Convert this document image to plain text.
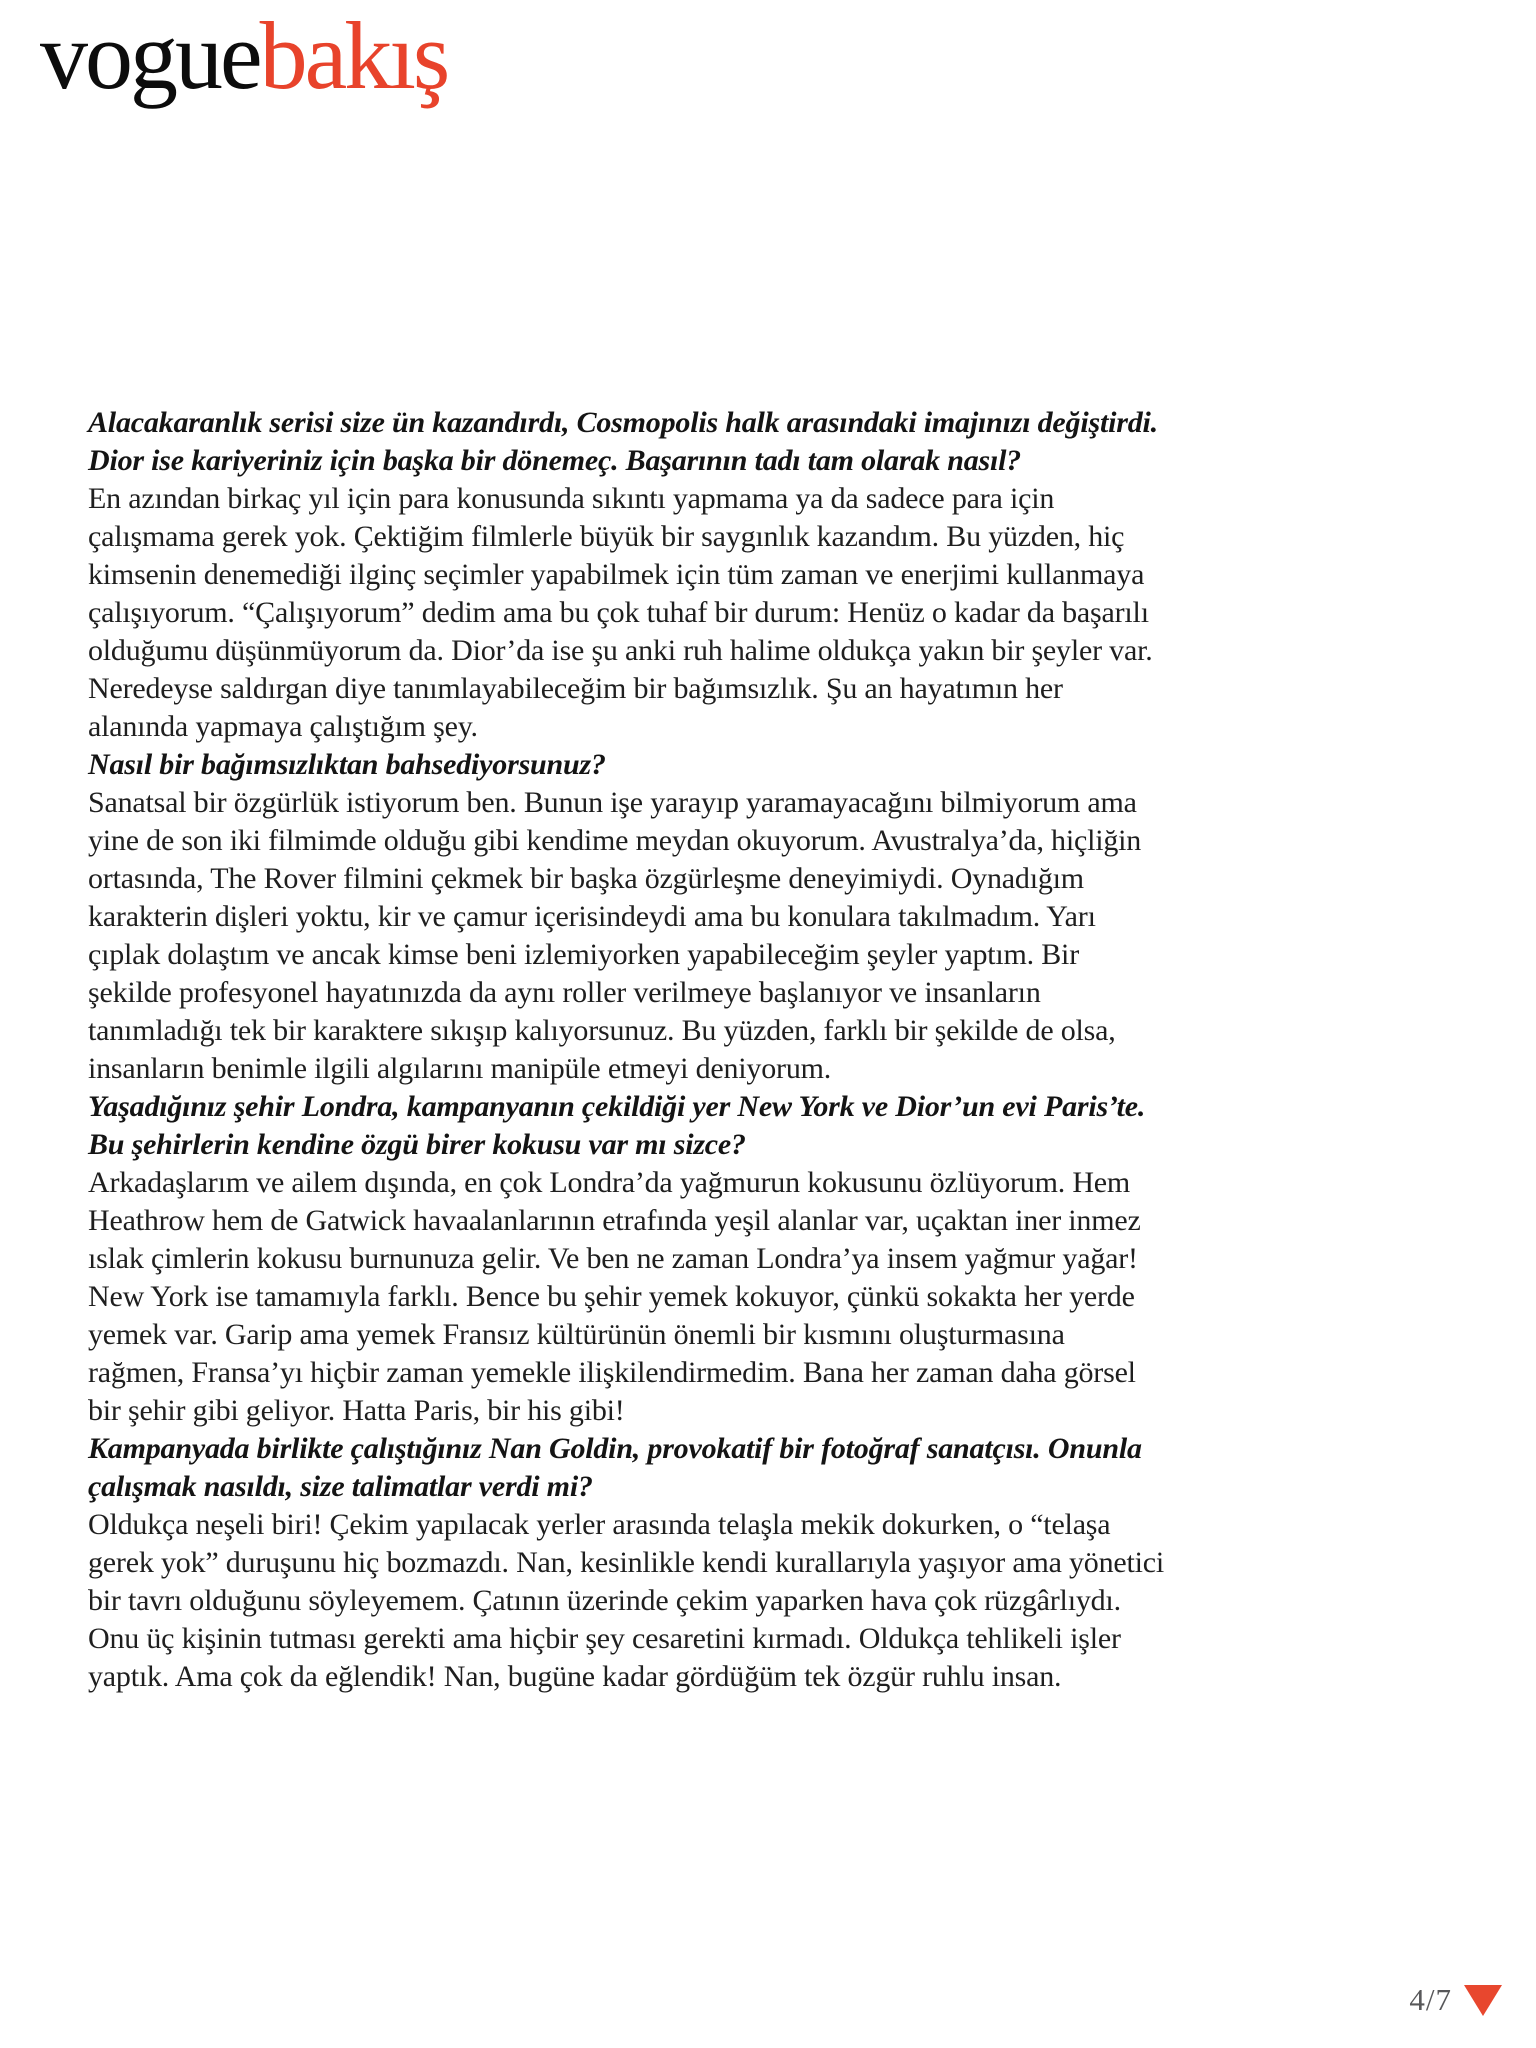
voguebakış

Alacakaranlık serisi size ün kazandırdı, Cosmopolis halk arasındaki imajınızı değiştirdi. Dior ise kariyeriniz için başka bir dönemeç. Başarının tadı tam olarak nasıl?

En azından birkaç yıl için para konusunda sıkıntı yapmama ya da sadece para için çalışmama gerek yok. Çektiğim filmlerle büyük bir saygınlık kazandım. Bu yüzden, hiç kimsenin denemediği ilginç seçimler yapabilmek için tüm zaman ve enerjimi kullanmaya çalışıyorum. “Çalışıyorum” dedim ama bu çok tuhaf bir durum: Henüz o kadar da başarılı olduğumu düşünmüyorum da. Dior’da ise şu anki ruh halime oldukça yakın bir şeyler var. Neredeyse saldırgan diye tanımlayabileceğim bir bağımsızlık. Şu an hayatımın her alanında yapmaya çalıştığım şey.

Nasıl bir bağımsızlıktan bahsediyorsunuz?

Sanatsal bir özgürlük istiyorum ben. Bunun işe yarayıp yaramayacağını bilmiyorum ama yine de son iki filmimde olduğu gibi kendime meydan okuyorum. Avustralya’da, hiçliğin ortasında, The Rover filmini çekmek bir başka özgürleşme deneyimiydi. Oynadığım karakterin dişleri yoktu, kir ve çamur içerisindeydi ama bu konulara takılmadım. Yarı çıplak dolaştım ve ancak kimse beni izlemiyorken yapabileceğim şeyler yaptım. Bir şekilde profesyonel hayatınızda da aynı roller verilmeye başlanıyor ve insanların tanımladığı tek bir karaktere sıkışıp kalıyorsunuz. Bu yüzden, farklı bir şekilde de olsa, insanların benimle ilgili algılarını manipüle etmeyi deniyorum.

Yaşadığınız şehir Londra, kampanyanın çekildiği yer New York ve Dior’un evi Paris’te. Bu şehirlerin kendine özgü birer kokusu var mı sizce?

Arkadaşlarım ve ailem dışında, en çok Londra’da yağmurun kokusunu özlüyorum. Hem Heathrow hem de Gatwick havaalanlarının etrafında yeşil alanlar var, uçaktan iner inmez ıslak çimlerin kokusu burnunuza gelir. Ve ben ne zaman Londra’ya insem yağmur yağar! New York ise tamamıyla farklı. Bence bu şehir yemek kokuyor, çünkü sokakta her yerde yemek var. Garip ama yemek Fransız kültürünün önemli bir kısmını oluşturmasına rağmen, Fransa’yı hiçbir zaman yemekle ilişkilendirmedim. Bana her zaman daha görsel bir şehir gibi geliyor. Hatta Paris, bir his gibi!

Kampanyada birlikte çalıştığınız Nan Goldin, provokatif bir fotoğraf sanatçısı. Onunla çalışmak nasıldı, size talimatlar verdi mi?

Oldukça neşeli biri! Çekim yapılacak yerler arasında telaşla mekik dokurken, o “telaşa gerek yok” duruşunu hiç bozmazdı. Nan, kesinlikle kendi kurallarıyla yaşıyor ama yönetici bir tavrı olduğunu söyleyemem. Çatının üzerinde çekim yaparken hava çok rüzgârlıydı. Onu üç kişinin tutması gerekti ama hiçbir şey cesaretini kırmadı. Oldukça tehlikeli işler yaptık. Ama çok da eğlendik! Nan, bugüne kadar gördüğüm tek özgür ruhlu insan.

4/7
